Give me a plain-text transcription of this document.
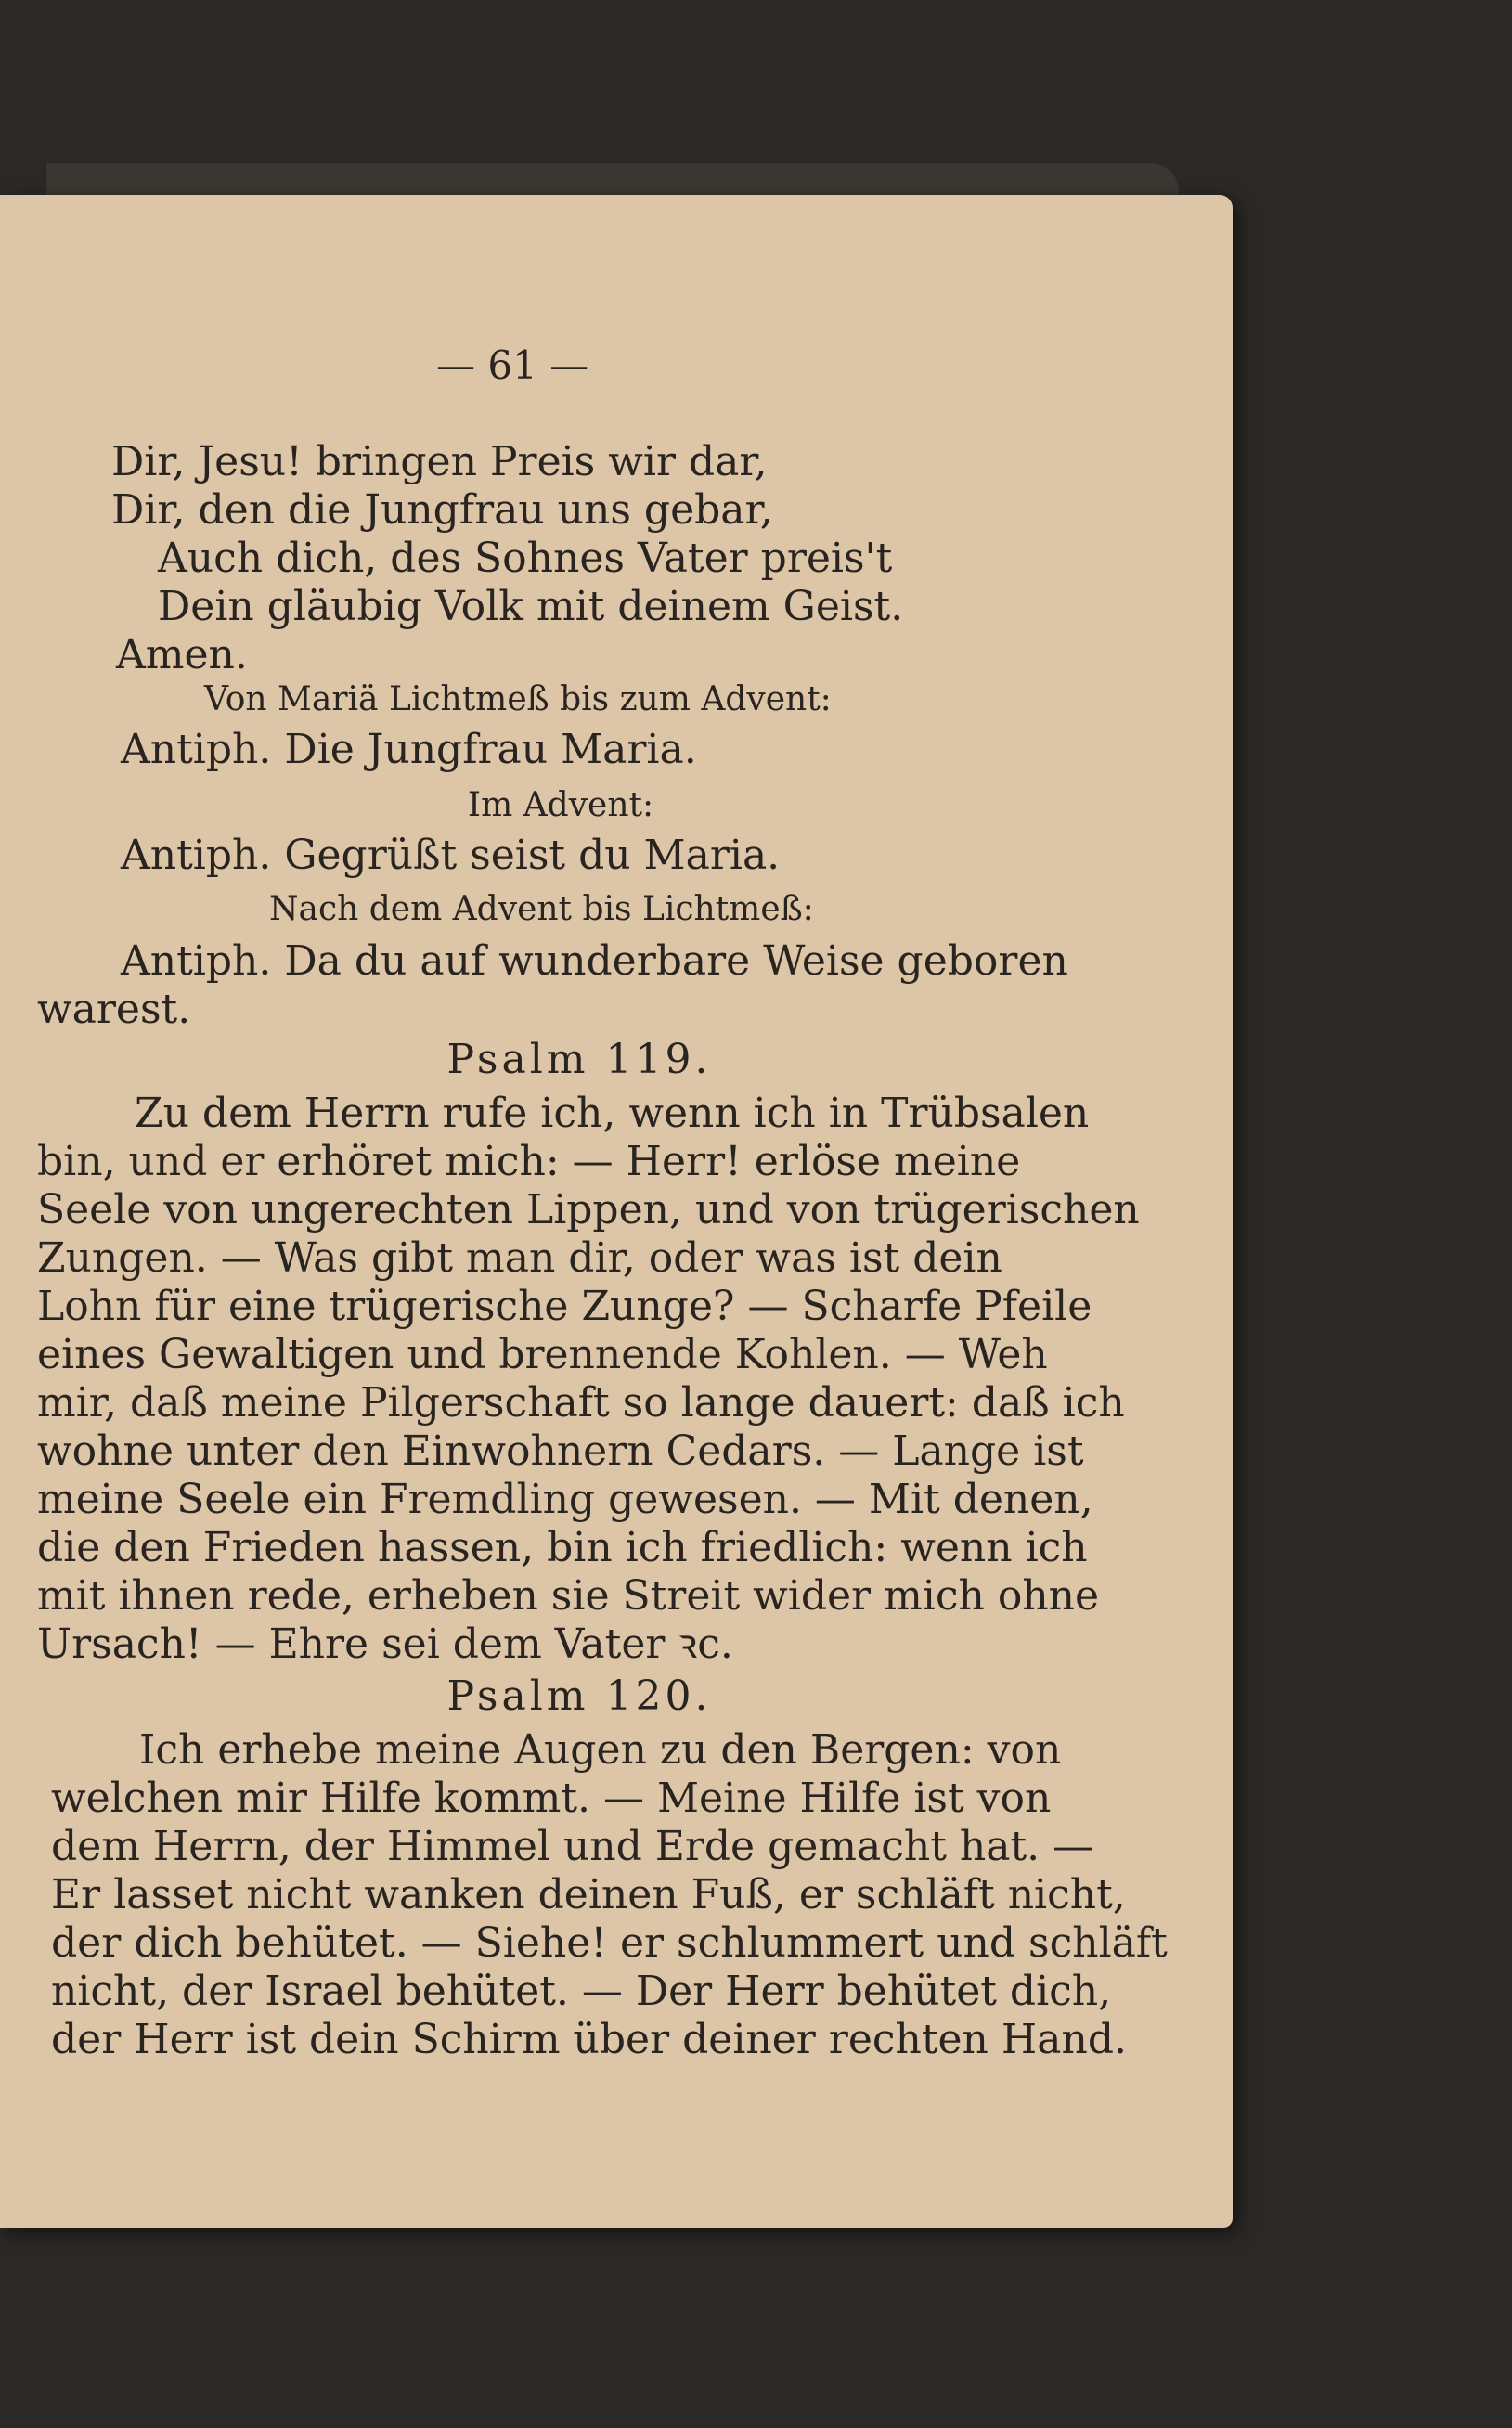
— 61 —
Dir, Jesu! bringen Preis wir dar,
Dir, den die Jungfrau uns gebar,
Auch dich, des Sohnes Vater preis't
Dein gläubig Volk mit deinem Geist.
Amen.
Von Mariä Lichtmeß bis zum Advent:
Antiph. Die Jungfrau Maria.
Im Advent:
Antiph. Gegrüßt seist du Maria.
Nach dem Advent bis Lichtmeß:
Antiph. Da du auf wunderbare Weise geboren
warest.
Psalm 119.
Zu dem Herrn rufe ich, wenn ich in Trübsalen
bin, und er erhöret mich: — Herr! erlöse meine
Seele von ungerechten Lippen, und von trügerischen
Zungen. — Was gibt man dir, oder was ist dein
Lohn für eine trügerische Zunge? — Scharfe Pfeile
eines Gewaltigen und brennende Kohlen. — Weh
mir, daß meine Pilgerschaft so lange dauert: daß ich
wohne unter den Einwohnern Cedars. — Lange ist
meine Seele ein Fremdling gewesen. — Mit denen,
die den Frieden hassen, bin ich friedlich: wenn ich
mit ihnen rede, erheben sie Streit wider mich ohne
Ursach! — Ehre sei dem Vater ꝛc.
Psalm 120.
Ich erhebe meine Augen zu den Bergen: von
welchen mir Hilfe kommt. — Meine Hilfe ist von
dem Herrn, der Himmel und Erde gemacht hat. —
Er lasset nicht wanken deinen Fuß, er schläft nicht,
der dich behütet. — Siehe! er schlummert und schläft
nicht, der Israel behütet. — Der Herr behütet dich,
der Herr ist dein Schirm über deiner rechten Hand.
